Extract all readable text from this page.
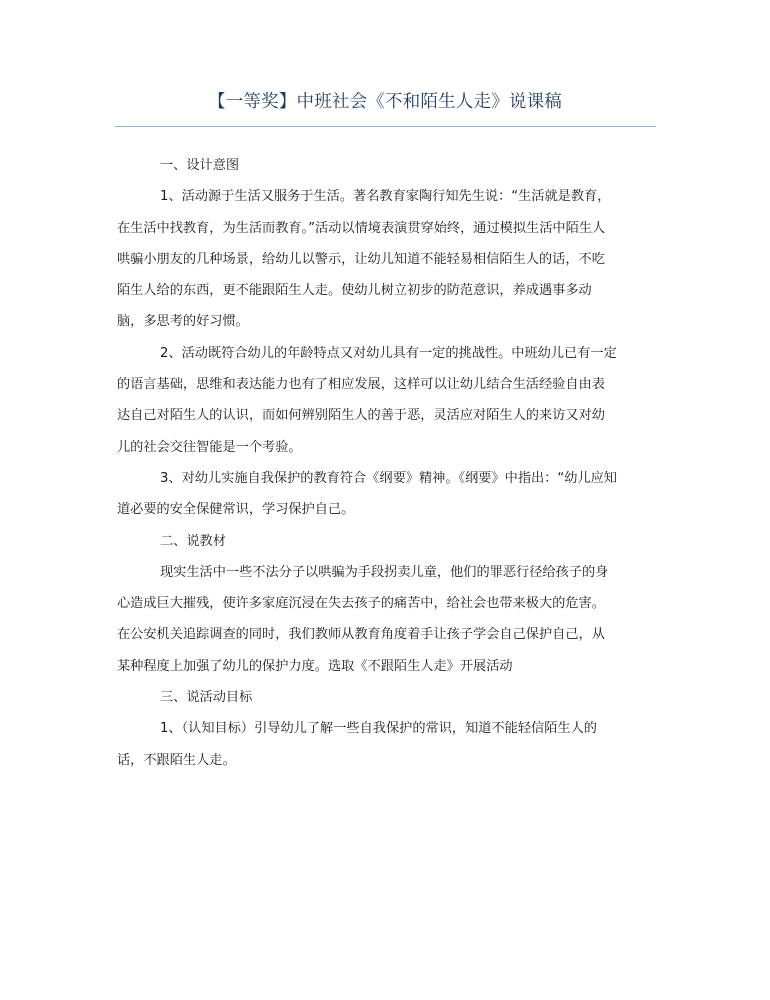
【一等奖】中班社会《不和陌生人走》说课稿
一、设计意图
1、活动源于生活又服务于生活。著名教育家陶行知先生说：“生活就是教育，
在生活中找教育，为生活而教育。”活动以情境表演贯穿始终，通过模拟生活中陌生人
哄骗小朋友的几种场景，给幼儿以警示，让幼儿知道不能轻易相信陌生人的话，不吃
陌生人给的东西，更不能跟陌生人走。使幼儿树立初步的防范意识，养成遇事多动
脑，多思考的好习惯。
2、活动既符合幼儿的年龄特点又对幼儿具有一定的挑战性。中班幼儿已有一定
的语言基础，思维和表达能力也有了相应发展，这样可以让幼儿结合生活经验自由表
达自己对陌生人的认识，而如何辨别陌生人的善于恶，灵活应对陌生人的来访又对幼
儿的社会交往智能是一个考验。
3、对幼儿实施自我保护的教育符合《纲要》精神。《纲要》中指出：“幼儿应知
道必要的安全保健常识，学习保护自己。
二、说教材
现实生活中一些不法分子以哄骗为手段拐卖儿童，他们的罪恶行径给孩子的身
心造成巨大摧残，使许多家庭沉浸在失去孩子的痛苦中，给社会也带来极大的危害。
在公安机关追踪调查的同时，我们教师从教育角度着手让孩子学会自己保护自己，从
某种程度上加强了幼儿的保护力度。选取《不跟陌生人走》开展活动
三、说活动目标
1、（认知目标）引导幼儿了解一些自我保护的常识，知道不能轻信陌生人的
话，不跟陌生人走。
